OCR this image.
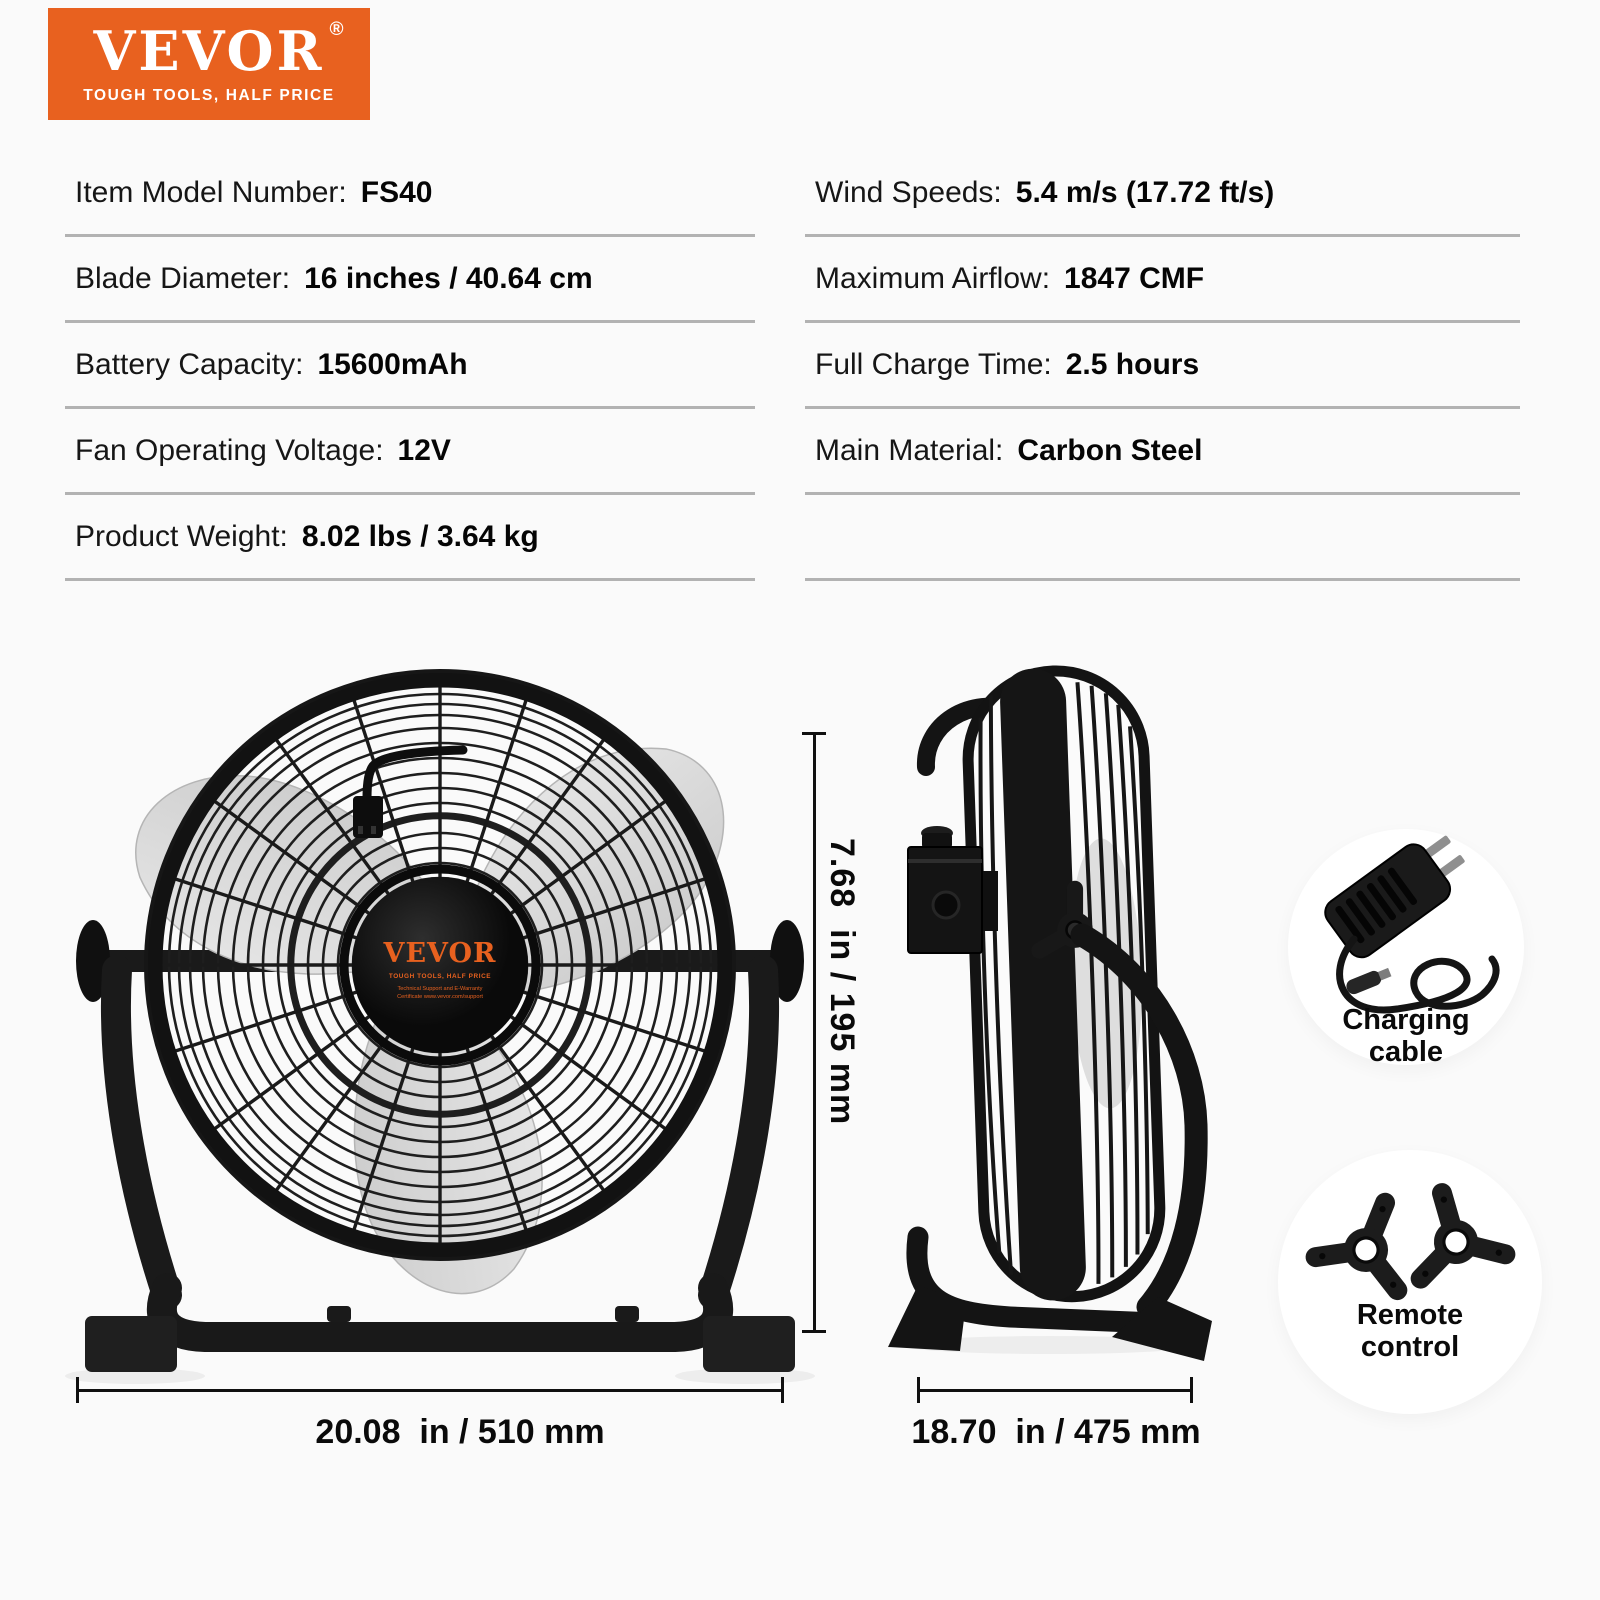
VEVOR ®
TOUGH TOOLS, HALF PRICE
Item Model Number: FS40
Blade Diameter: 16 inches / 40.64 cm
Battery Capacity: 15600mAh
Fan Operating Voltage: 12V
Product Weight: 8.02 lbs / 3.64 kg
Wind Speeds: 5.4 m/s (17.72 ft/s)
Maximum Airflow: 1847 CMF
Full Charge Time: 2.5 hours
Main Material: Carbon Steel
VEVOR
TOUGH TOOLS, HALF PRICE
Technical Support and E-Warranty
Certificate www.vevor.com/support	7.68  in / 195 mm
20.08  in / 510 mm	18.70  in / 475 mm
Charging
cable
Remote
control
